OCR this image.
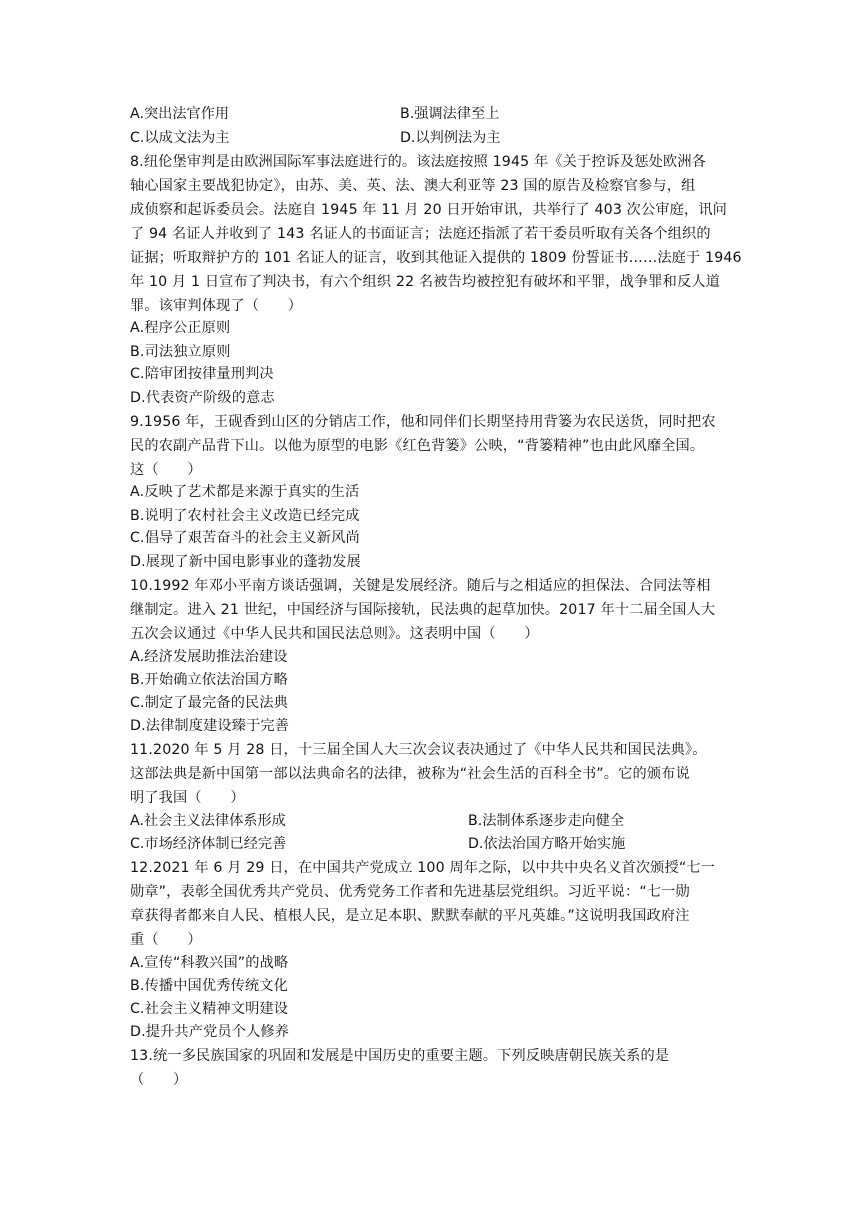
A.突出法官作用	B.强调法律至上
C.以成文法为主	D.以判例法为主
8.纽伦堡审判是由欧洲国际军事法庭进行的。该法庭按照 1945 年《关于控诉及惩处欧洲各
轴心国家主要战犯协定》，由苏、美、英、法、澳大利亚等 23 国的原告及检察官参与，组
成侦察和起诉委员会。法庭自 1945 年 11 月 20 日开始审讯，共举行了 403 次公审庭，讯问
了 94 名证人并收到了 143 名证人的书面证言；法庭还指派了若干委员听取有关各个组织的
证据；听取辩护方的 101 名证人的证言，收到其他证入提供的 1809 份誓证书……法庭于 1946
年 10 月 1 日宣布了判决书，有六个组织 22 名被告均被控犯有破坏和平罪，战争罪和反人道
罪。该审判体现了（　　）
A.程序公正原则
B.司法独立原则
C.陪审团按律量刑判决
D.代表资产阶级的意志
9.1956 年，王砚香到山区的分销店工作，他和同伴们长期坚持用背篓为农民送货，同时把农
民的农副产品背下山。以他为原型的电影《红色背篓》公映，“背篓精神”也由此风靡全国。
这（　　）
A.反映了艺术都是来源于真实的生活
B.说明了农村社会主义改造已经完成
C.倡导了艰苦奋斗的社会主义新风尚
D.展现了新中国电影事业的蓬勃发展
10.1992 年邓小平南方谈话强调，关键是发展经济。随后与之相适应的担保法、合同法等相
继制定。进入 21 世纪，中国经济与国际接轨，民法典的起草加快。2017 年十二届全国人大
五次会议通过《中华人民共和国民法总则》。这表明中国（　　）
A.经济发展助推法治建设
B.开始确立依法治国方略
C.制定了最完备的民法典
D.法律制度建设臻于完善
11.2020 年 5 月 28 日，十三届全国人大三次会议表决通过了《中华人民共和国民法典》。
这部法典是新中国第一部以法典命名的法律，被称为“社会生活的百科全书”。它的颁布说
明了我国（　　）
A.社会主义法律体系形成	B.法制体系逐步走向健全
C.市场经济体制已经完善	D.依法治国方略开始实施
12.2021 年 6 月 29 日，在中国共产党成立 100 周年之际，以中共中央名义首次颁授“七一
勋章”，表彰全国优秀共产党员、优秀党务工作者和先进基层党组织。习近平说：“七一勋
章获得者都来自人民、植根人民，是立足本职、默默奉献的平凡英雄。”这说明我国政府注
重（　　）
A.宣传“科教兴国”的战略
B.传播中国优秀传统文化
C.社会主义精神文明建设
D.提升共产党员个人修养
13.统一多民族国家的巩固和发展是中国历史的重要主题。下列反映唐朝民族关系的是
（　　）
